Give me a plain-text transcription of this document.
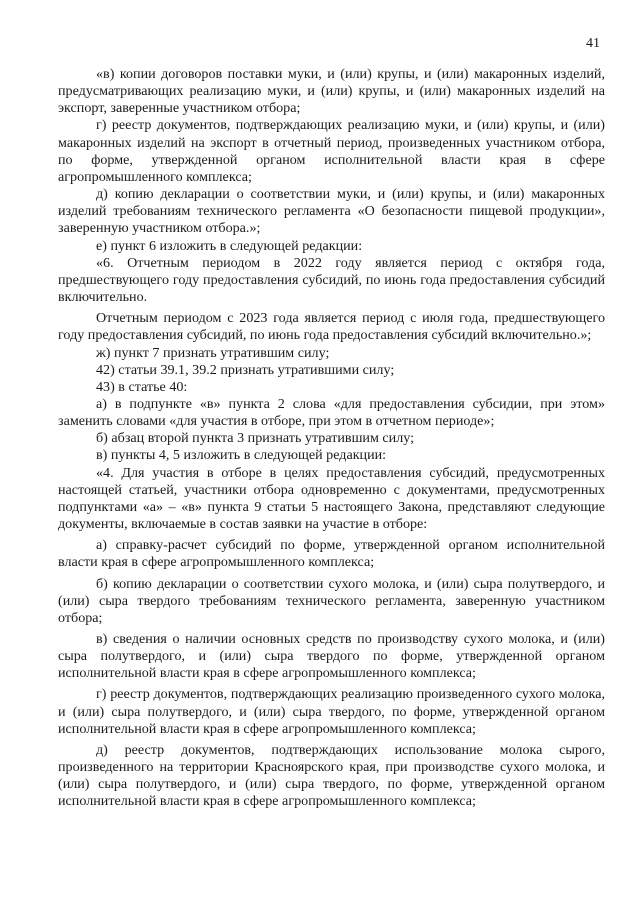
41

«в) копии договоров поставки муки, и (или) крупы, и (или) макаронных изделий, предусматривающих реализацию муки, и (или) крупы, и (или) макаронных изделий на экспорт, заверенные участником отбора;

г) реестр документов, подтверждающих реализацию муки, и (или) крупы, и (или) макаронных изделий на экспорт в отчетный период, произведенных участником отбора, по форме, утвержденной органом исполнительной власти края в сфере агропромышленного комплекса;

д) копию декларации о соответствии муки, и (или) крупы, и (или) макаронных изделий требованиям технического регламента «О безопасности пищевой продукции», заверенную участником отбора.»;

е) пункт 6 изложить в следующей редакции:

«6. Отчетным периодом в 2022 году является период с октября года, предшествующего году предоставления субсидий, по июнь года предоставления субсидий включительно.

Отчетным периодом с 2023 года является период с июля года, предшествующего году предоставления субсидий, по июнь года предоставления субсидий включительно.»;

ж) пункт 7 признать утратившим силу;

42) статьи 39.1, 39.2 признать утратившими силу;

43) в статье 40:

а) в подпункте «в» пункта 2 слова «для предоставления субсидии, при этом» заменить словами «для участия в отборе, при этом в отчетном периоде»;

б) абзац второй пункта 3 признать утратившим силу;

в) пункты 4, 5 изложить в следующей редакции:

«4. Для участия в отборе в целях предоставления субсидий, предусмотренных настоящей статьей, участники отбора одновременно с документами, предусмотренных подпунктами «а» – «в» пункта 9 статьи 5 настоящего Закона, представляют следующие документы, включаемые в состав заявки на участие в отборе:

а) справку-расчет субсидий по форме, утвержденной органом исполнительной власти края в сфере агропромышленного комплекса;

б) копию декларации о соответствии сухого молока, и (или) сыра полутвердого, и (или) сыра твердого требованиям технического регламента, заверенную участником отбора;

в) сведения о наличии основных средств по производству сухого молока, и (или) сыра полутвердого, и (или) сыра твердого по форме, утвержденной органом исполнительной власти края в сфере агропромышленного комплекса;

г) реестр документов, подтверждающих реализацию произведенного сухого молока, и (или) сыра полутвердого, и (или) сыра твердого, по форме, утвержденной органом исполнительной власти края в сфере агропромышленного комплекса;

д) реестр документов, подтверждающих использование молока сырого, произведенного на территории Красноярского края, при производстве сухого молока, и (или) сыра полутвердого, и (или) сыра твердого, по форме, утвержденной органом исполнительной власти края в сфере агропромышленного комплекса;
